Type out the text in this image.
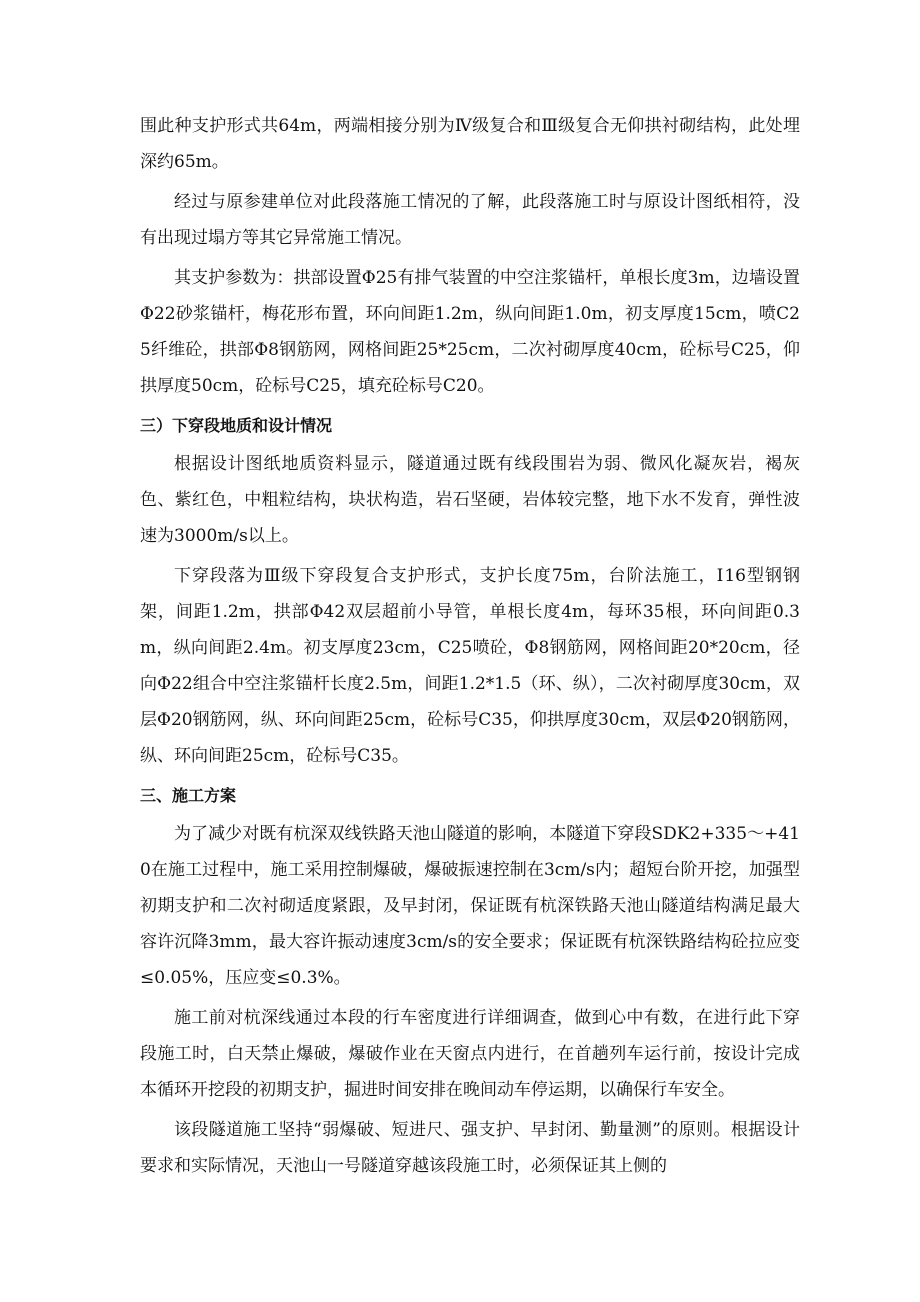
围此种支护形式共64m，两端相接分别为Ⅳ级复合和Ⅲ级复合无仰拱衬砌结构，此处埋深约65m。

经过与原参建单位对此段落施工情况的了解，此段落施工时与原设计图纸相符，没有出现过塌方等其它异常施工情况。

其支护参数为：拱部设置Φ25有排气装置的中空注浆锚杆，单根长度3m，边墙设置Φ22砂浆锚杆，梅花形布置，环向间距1.2m，纵向间距1.0m，初支厚度15cm，喷C25纤维砼，拱部Φ8钢筋网，网格间距25*25cm，二次衬砌厚度40cm，砼标号C25，仰拱厚度50cm，砼标号C25，填充砼标号C20。

三）下穿段地质和设计情况

根据设计图纸地质资料显示，隧道通过既有线段围岩为弱、微风化凝灰岩，褐灰色、紫红色，中粗粒结构，块状构造，岩石坚硬，岩体较完整，地下水不发育，弹性波速为3000m/s以上。

下穿段落为Ⅲ级下穿段复合支护形式，支护长度75m，台阶法施工，Ⅰ16型钢钢架，间距1.2m，拱部Φ42双层超前小导管，单根长度4m，每环35根，环向间距0.3m，纵向间距2.4m。初支厚度23cm，C25喷砼，Φ8钢筋网，网格间距20*20cm，径向Φ22组合中空注浆锚杆长度2.5m，间距1.2*1.5（环、纵），二次衬砌厚度30cm，双层Φ20钢筋网，纵、环向间距25cm，砼标号C35，仰拱厚度30cm，双层Φ20钢筋网，纵、环向间距25cm，砼标号C35。

三、施工方案

为了减少对既有杭深双线铁路天池山隧道的影响，本隧道下穿段SDK2+335～+410在施工过程中，施工采用控制爆破，爆破振速控制在3cm/s内；超短台阶开挖，加强型初期支护和二次衬砌适度紧跟，及早封闭，保证既有杭深铁路天池山隧道结构满足最大容许沉降3mm，最大容许振动速度3cm/s的安全要求；保证既有杭深铁路结构砼拉应变≤0.05%，压应变≤0.3%。

施工前对杭深线通过本段的行车密度进行详细调查，做到心中有数，在进行此下穿段施工时，白天禁止爆破，爆破作业在天窗点内进行，在首趟列车运行前，按设计完成本循环开挖段的初期支护，掘进时间安排在晚间动车停运期，以确保行车安全。

该段隧道施工坚持“弱爆破、短进尺、强支护、早封闭、勤量测”的原则。根据设计要求和实际情况，天池山一号隧道穿越该段施工时，必须保证其上侧的
